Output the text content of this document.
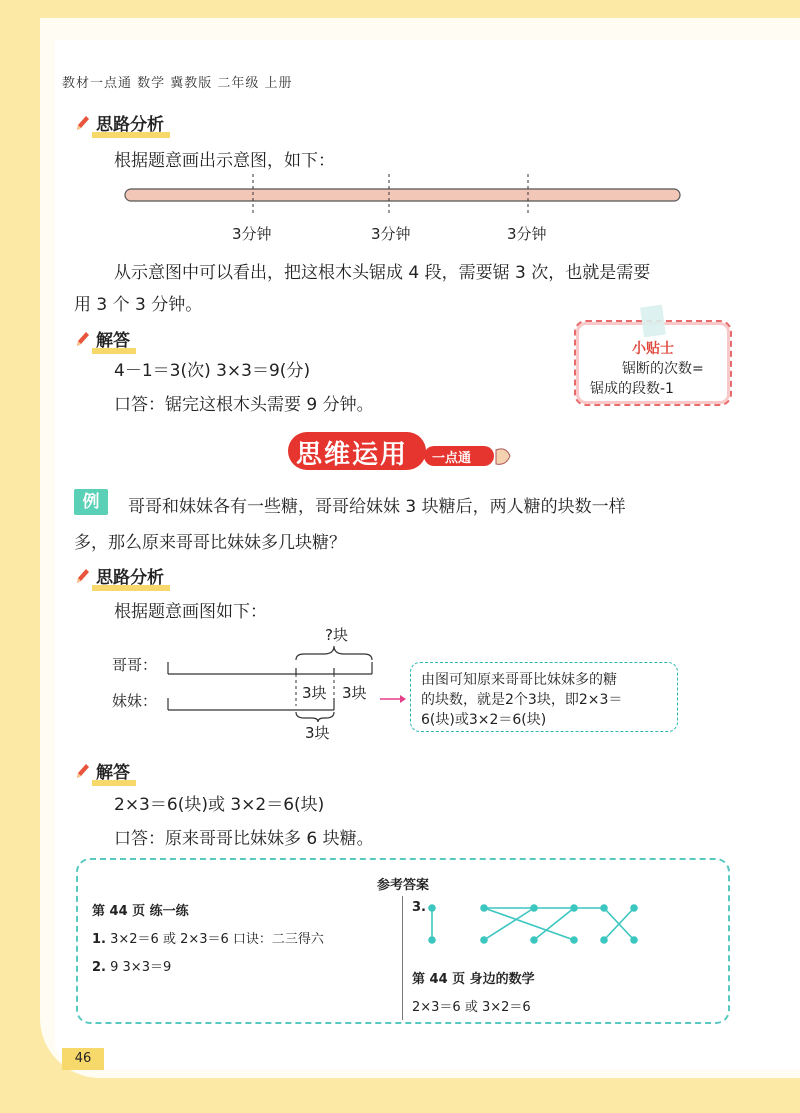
教材一点通 数学 冀教版 二年级 上册
思路分析
根据题意画出示意图，如下：
3分钟	3分钟	3分钟
从示意图中可以看出，把这根木头锯成 4 段，需要锯 3 次，也就是需要
用 3 个 3 分钟。
解答
4－1＝3(次) 3×3＝9(分)
口答：锯完这根木头需要 9 分钟。
小贴士
锯断的次数=
锯成的段数-1
思维运用 一点通
例	哥哥和妹妹各有一些糖，哥哥给妹妹 3 块糖后，两人糖的块数一样
多，那么原来哥哥比妹妹多几块糖？
思路分析
根据题意画图如下：
哥哥：
妹妹：
?块
3块 3块
3块
由图可知原来哥哥比妹妹多的糖
的块数，就是2个3块，即2×3＝
6(块)或3×2＝6(块)
解答
2×3＝6(块)或 3×2＝6(块)
口答：原来哥哥比妹妹多 6 块糖。
参考答案
第 44 页 练一练
1. 3×2＝6 或 2×3＝6 口诀：二三得六
2. 9 3×3＝9
3.
第 44 页 身边的数学
2×3＝6 或 3×2＝6
46
